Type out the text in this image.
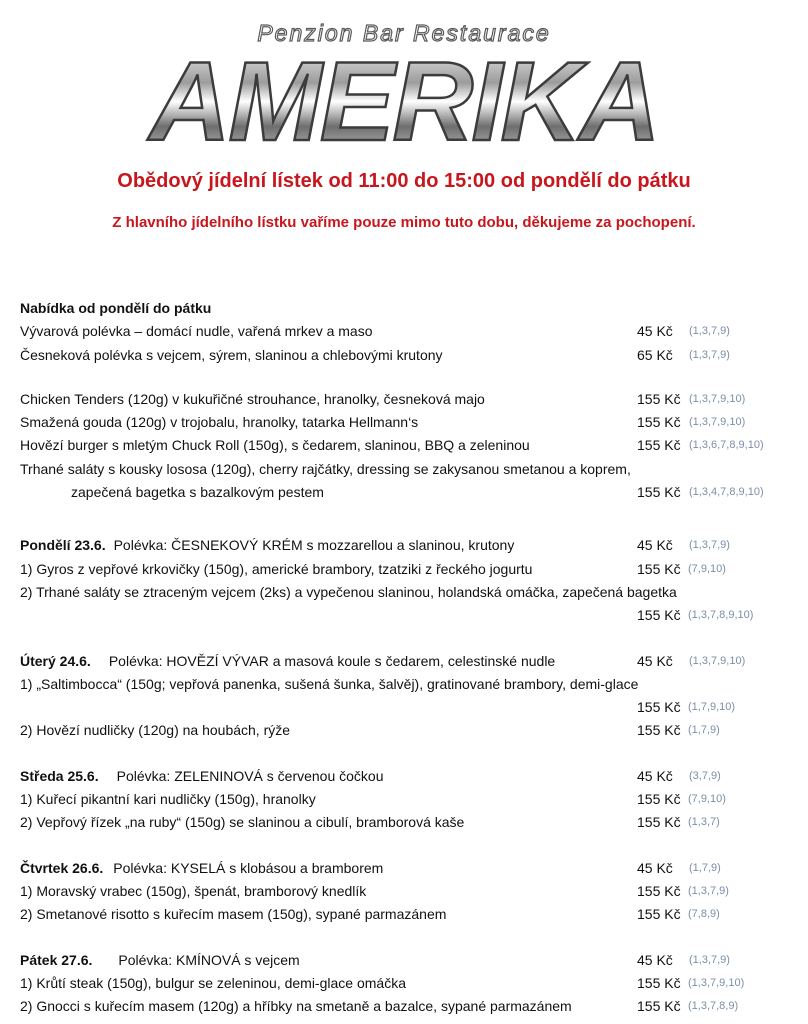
Penzion Bar Restaurace
AMERIKA
Obědový jídelní lístek od 11:00 do 15:00 od pondělí do pátku
Z hlavního jídelního lístku vaříme pouze mimo tuto dobu, děkujeme za pochopení.
Nabídka od pondělí do pátku
Vývarová polévka – domácí nudle, vařená mrkev a maso	45 Kč (1,3,7,9)
Česneková polévka s vejcem, sýrem, slaninou a chlebovými krutony	65 Kč (1,3,7,9)
Chicken Tenders (120g) v kukuřičné strouhance, hranolky, česneková majo	155 Kč (1,3,7,9,10)
Smažená gouda (120g) v trojobalu, hranolky, tatarka Hellmann‘s	155 Kč (1,3,7,9,10)
Hovězí burger s mletým Chuck Roll (150g), s čedarem, slaninou, BBQ a zeleninou	155 Kč (1,3,6,7,8,9,10)
Trhané saláty s kousky lososa (120g), cherry rajčátky, dressing se zakysanou smetanou a koprem,
zapečená bagetka s bazalkovým pestem	155 Kč (1,3,4,7,8,9,10)
Pondělí 23.6. Polévka: ČESNEKOVÝ KRÉM s mozzarellou a slaninou, krutony	45 Kč (1,3,7,9)
1) Gyros z vepřové krkovičky (150g), americké brambory, tzatziki z řeckého jogurtu	155 Kč (7,9,10)
2) Trhané saláty se ztraceným vejcem (2ks) a vypečenou slaninou, holandská omáčka, zapečená bagetka
155 Kč (1,3,7,8,9,10)
Úterý 24.6. Polévka: HOVĚZÍ VÝVAR a masová koule s čedarem, celestinské nudle	45 Kč (1,3,7,9,10)
1) „Saltimbocca“ (150g; vepřová panenka, sušená šunka, šalvěj), gratinované brambory, demi-glace
155 Kč (1,7,9,10)
2) Hovězí nudličky (120g) na houbách, rýže	155 Kč (1,7,9)
Středa 25.6. Polévka: ZELENINOVÁ s červenou čočkou	45 Kč (3,7,9)
1) Kuřecí pikantní kari nudličky (150g), hranolky	155 Kč (7,9,10)
2) Vepřový řízek „na ruby“ (150g) se slaninou a cibulí, bramborová kaše	155 Kč (1,3,7)
Čtvrtek 26.6. Polévka: KYSELÁ s klobásou a bramborem	45 Kč (1,7,9)
1) Moravský vrabec (150g), špenát, bramborový knedlík	155 Kč (1,3,7,9)
2) Smetanové risotto s kuřecím masem (150g), sypané parmazánem	155 Kč (7,8,9)
Pátek 27.6. Polévka: KMÍNOVÁ s vejcem	45 Kč (1,3,7,9)
1) Krůtí steak (150g), bulgur se zeleninou, demi-glace omáčka	155 Kč (1,3,7,9,10)
2) Gnocci s kuřecím masem (120g) a hříbky na smetaně a bazalce, sypané parmazánem	155 Kč (1,3,7,8,9)
